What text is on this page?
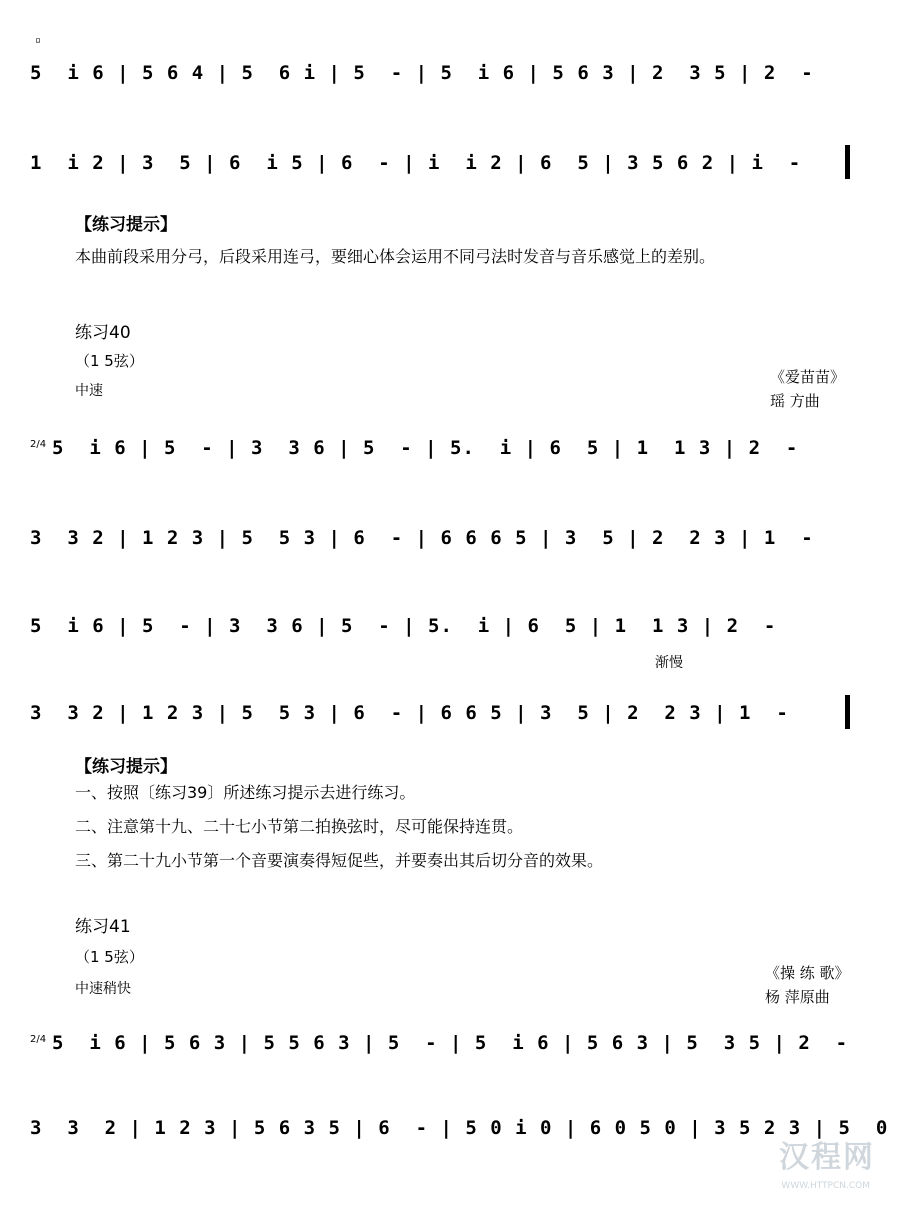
▫
5  i 6 | 5 6 4 | 5  6 i | 5  - | 5  i 6 | 5 6 3 | 2  3 5 | 2  -
1  i 2 | 3  5 | 6  i 5 | 6  - | i  i 2 | 6  5 | 3 5 6 2 | i  -
【练习提示】
本曲前段采用分弓，后段采用连弓，要细心体会运用不同弓法时发音与音乐感觉上的差别。
练习40
（1 5弦）
中速
《爱苗苗》
瑶 方曲
2/4 5  i 6 | 5  - | 3  3 6 | 5  - | 5.  i | 6  5 | 1  1 3 | 2  -
3  3 2 | 1 2 3 | 5  5 3 | 6  - | 6 6 6 5 | 3  5 | 2  2 3 | 1  -
5  i 6 | 5  - | 3  3 6 | 5  - | 5.  i | 6  5 | 1  1 3 | 2  -
渐慢
3  3 2 | 1 2 3 | 5  5 3 | 6  - | 6 6 5 | 3  5 | 2  2 3 | 1  -
【练习提示】
一、按照〔练习39〕所述练习提示去进行练习。
二、注意第十九、二十七小节第二拍换弦时，尽可能保持连贯。
三、第二十九小节第一个音要演奏得短促些，并要奏出其后切分音的效果。
练习41
（1 5弦）
中速稍快
《操 练 歌》
杨 萍原曲
2/4 5  i 6 | 5 6 3 | 5 5 6 3 | 5  - | 5  i 6 | 5 6 3 | 5  3 5 | 2  -
3  3  2 | 1 2 3 | 5 6 3 5 | 6  - | 5 0 i 0 | 6 0 5 0 | 3 5 2 3 | 5  0
汉程网
WWW.HTTPCN.COM
